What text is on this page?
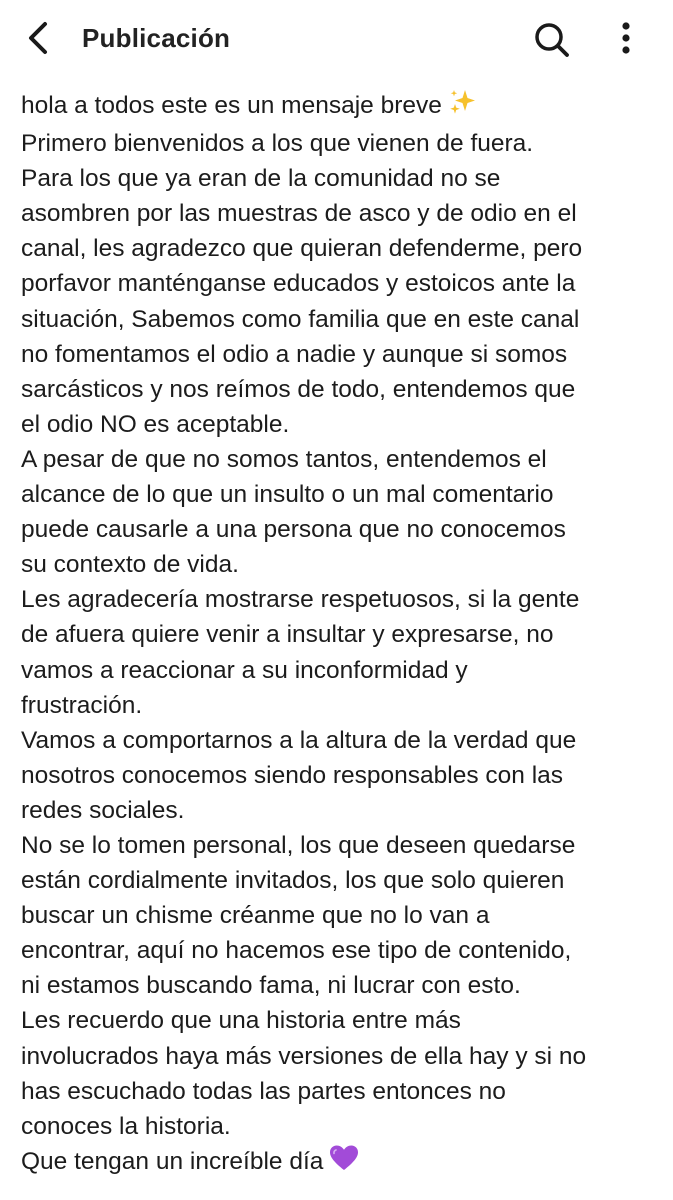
Publicación
hola a todos este es un mensaje breve
Primero bienvenidos a los que vienen de fuera.
Para los que ya eran de la comunidad no se
asombren por las muestras de asco y de odio en el
canal, les agradezco que quieran defenderme, pero
porfavor manténganse educados y estoicos ante la
situación, Sabemos como familia que en este canal
no fomentamos el odio a nadie y aunque si somos
sarcásticos y nos reímos de todo, entendemos que
el odio NO es aceptable.
A pesar de que no somos tantos, entendemos el
alcance de lo que un insulto o un mal comentario
puede causarle a una persona que no conocemos
su contexto de vida.
Les agradecería mostrarse respetuosos, si la gente
de afuera quiere venir a insultar y expresarse, no
vamos a reaccionar a su inconformidad y
frustración.
Vamos a comportarnos a la altura de la verdad que
nosotros conocemos siendo responsables con las
redes sociales.
No se lo tomen personal, los que deseen quedarse
están cordialmente invitados, los que solo quieren
buscar un chisme créanme que no lo van a
encontrar, aquí no hacemos ese tipo de contenido,
ni estamos buscando fama, ni lucrar con esto.
Les recuerdo que una historia entre más
involucrados haya más versiones de ella hay y si no
has escuchado todas las partes entonces no
conoces la historia.
Que tengan un increíble día
